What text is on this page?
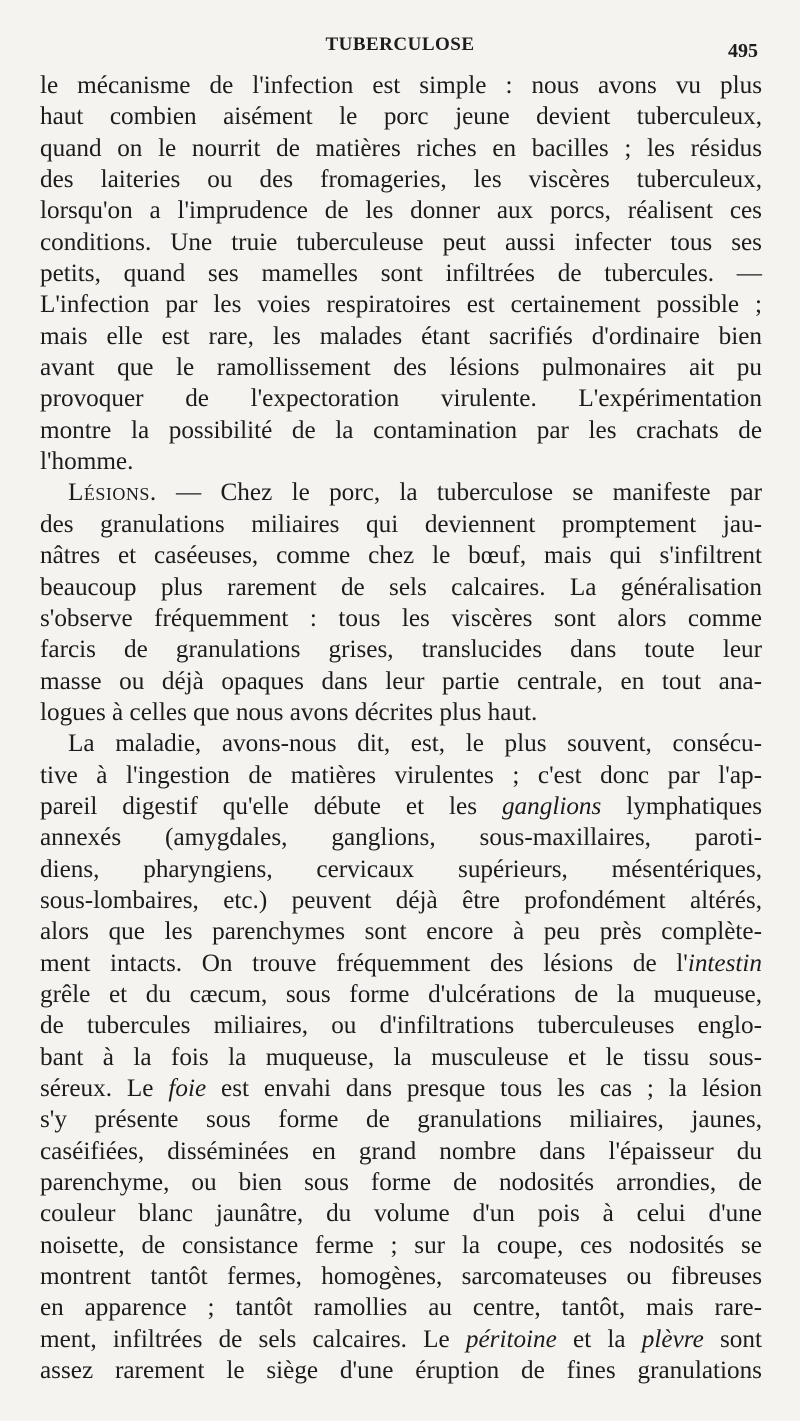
TUBERCULOSE	495
le mécanisme de l'infection est simple : nous avons vu plus
haut combien aisément le porc jeune devient tuberculeux,
quand on le nourrit de matières riches en bacilles ; les résidus
des laiteries ou des fromageries, les viscères tuberculeux,
lorsqu'on a l'imprudence de les donner aux porcs, réalisent ces
conditions. Une truie tuberculeuse peut aussi infecter tous ses
petits, quand ses mamelles sont infiltrées de tubercules. —
L'infection par les voies respiratoires est certainement possible ;
mais elle est rare, les malades étant sacrifiés d'ordinaire bien
avant que le ramollissement des lésions pulmonaires ait pu
provoquer de l'expectoration virulente. L'expérimentation
montre la possibilité de la contamination par les crachats de
l'homme.
Lésions. — Chez le porc, la tuberculose se manifeste par
des granulations miliaires qui deviennent promptement jau-
nâtres et caséeuses, comme chez le bœuf, mais qui s'infiltrent
beaucoup plus rarement de sels calcaires. La généralisation
s'observe fréquemment : tous les viscères sont alors comme
farcis de granulations grises, translucides dans toute leur
masse ou déjà opaques dans leur partie centrale, en tout ana-
logues à celles que nous avons décrites plus haut.
La maladie, avons-nous dit, est, le plus souvent, consécu-
tive à l'ingestion de matières virulentes ; c'est donc par l'ap-
pareil digestif qu'elle débute et les ganglions lymphatiques
annexés (amygdales, ganglions, sous-maxillaires, paroti-
diens, pharyngiens, cervicaux supérieurs, mésentériques,
sous-lombaires, etc.) peuvent déjà être profondément altérés,
alors que les parenchymes sont encore à peu près complète-
ment intacts. On trouve fréquemment des lésions de l'intestin
grêle et du cæcum, sous forme d'ulcérations de la muqueuse,
de tubercules miliaires, ou d'infiltrations tuberculeuses englo-
bant à la fois la muqueuse, la musculeuse et le tissu sous-
séreux. Le foie est envahi dans presque tous les cas ; la lésion
s'y présente sous forme de granulations miliaires, jaunes,
caséifiées, disséminées en grand nombre dans l'épaisseur du
parenchyme, ou bien sous forme de nodosités arrondies, de
couleur blanc jaunâtre, du volume d'un pois à celui d'une
noisette, de consistance ferme ; sur la coupe, ces nodosités se
montrent tantôt fermes, homogènes, sarcomateuses ou fibreuses
en apparence ; tantôt ramollies au centre, tantôt, mais rare-
ment, infiltrées de sels calcaires. Le péritoine et la plèvre sont
assez rarement le siège d'une éruption de fines granulations
